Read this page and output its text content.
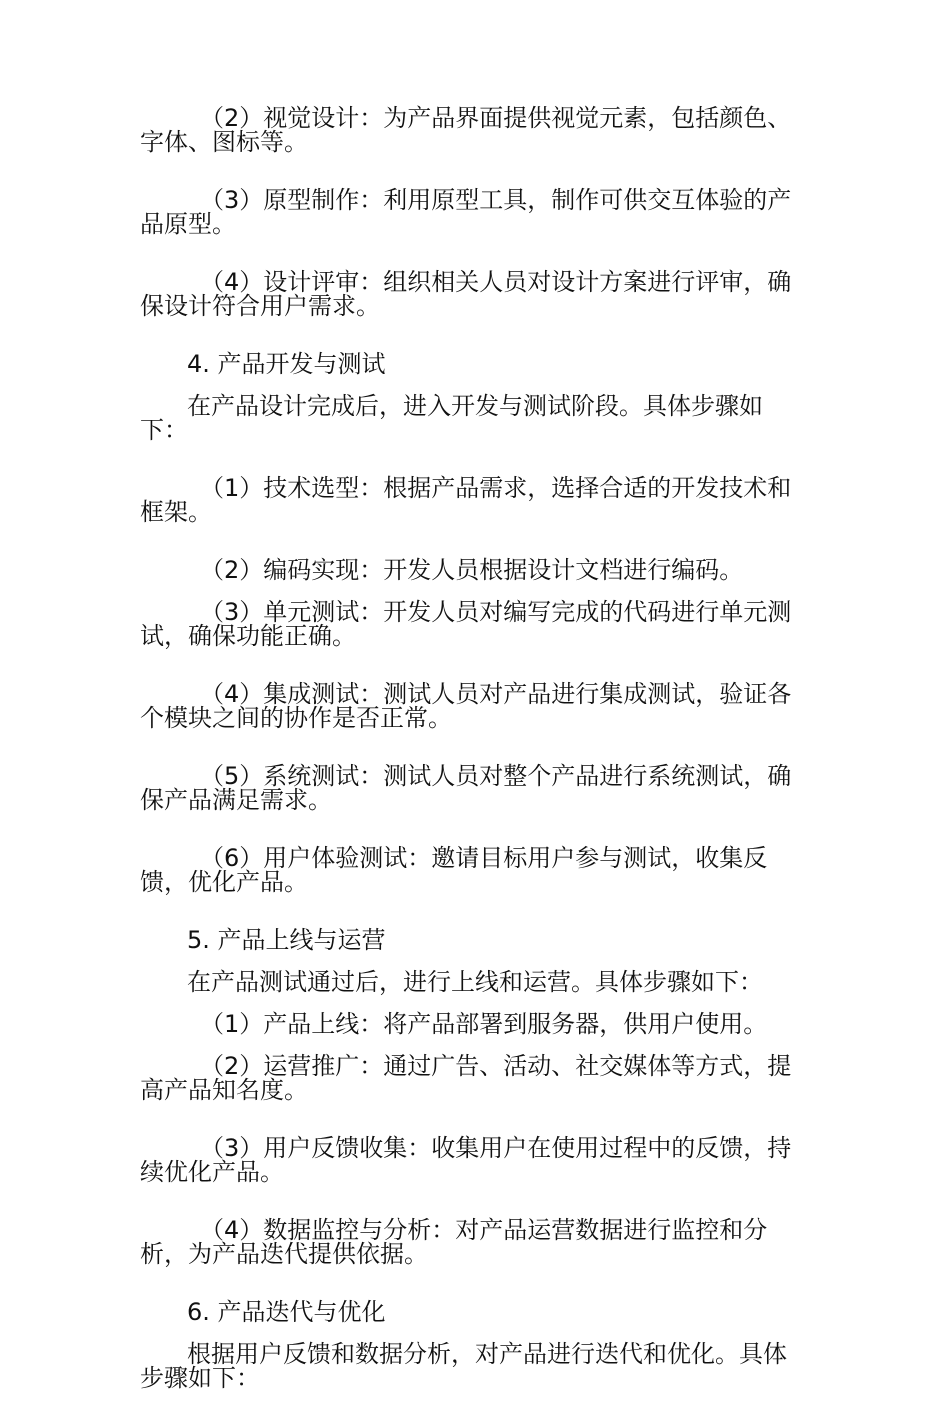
（2）视觉设计：为产品界面提供视觉元素，包括颜色、字体、图标等。

（3）原型制作：利用原型工具，制作可供交互体验的产品原型。

（4）设计评审：组织相关人员对设计方案进行评审，确保设计符合用户需求。

4. 产品开发与测试

在产品设计完成后，进入开发与测试阶段。具体步骤如下：

（1）技术选型：根据产品需求，选择合适的开发技术和框架。

（2）编码实现：开发人员根据设计文档进行编码。

（3）单元测试：开发人员对编写完成的代码进行单元测试，确保功能正确。

（4）集成测试：测试人员对产品进行集成测试，验证各个模块之间的协作是否正常。

（5）系统测试：测试人员对整个产品进行系统测试，确保产品满足需求。

（6）用户体验测试：邀请目标用户参与测试，收集反馈，优化产品。

5. 产品上线与运营

在产品测试通过后，进行上线和运营。具体步骤如下：

（1）产品上线：将产品部署到服务器，供用户使用。

（2）运营推广：通过广告、活动、社交媒体等方式，提高产品知名度。

（3）用户反馈收集：收集用户在使用过程中的反馈，持续优化产品。

（4）数据监控与分析：对产品运营数据进行监控和分析，为产品迭代提供依据。

6. 产品迭代与优化

根据用户反馈和数据分析，对产品进行迭代和优化。具体步骤如下：
